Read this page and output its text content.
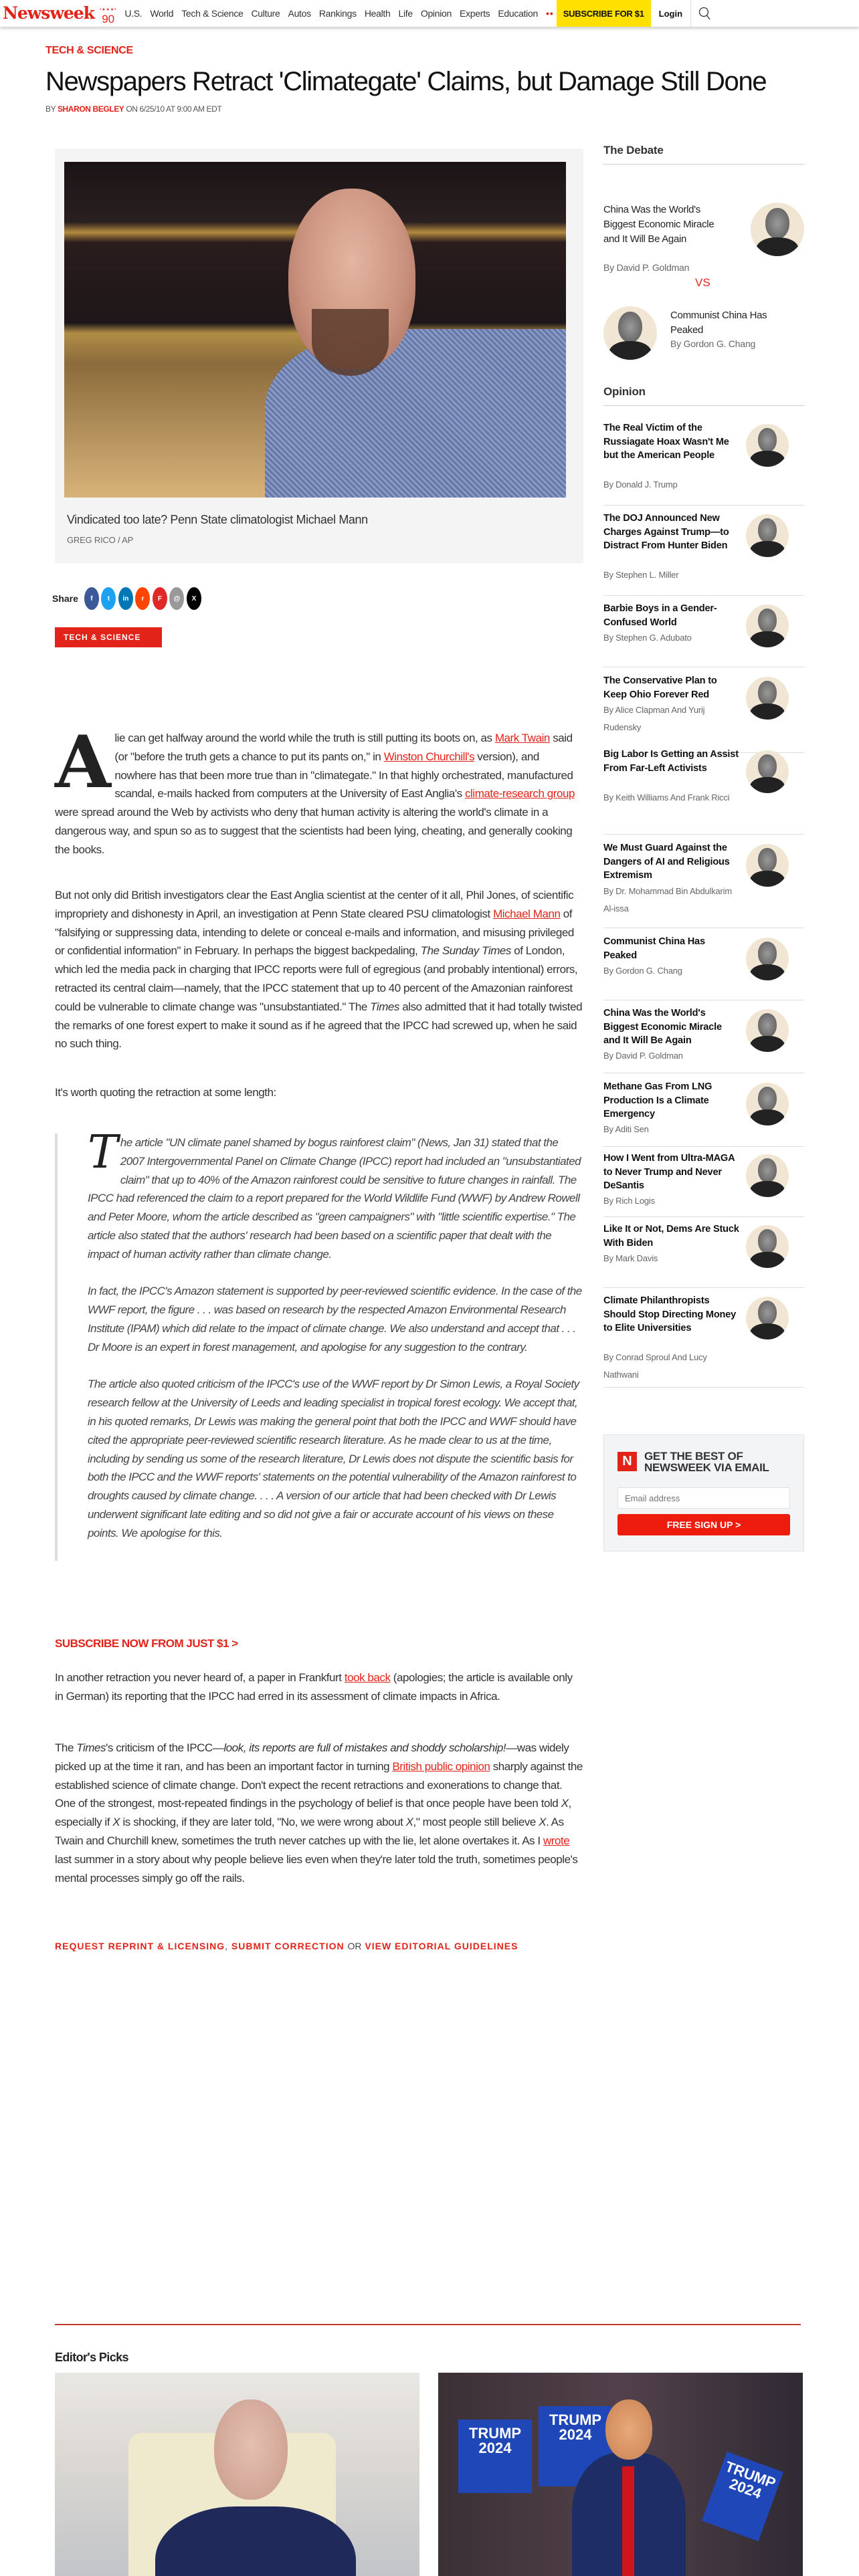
Newsweek •★★★•
90 U.S. World Tech & Science Culture Autos Rankings Health Life Opinion Experts Education ••	SUBSCRIBE FOR $1	Login
TECH & SCIENCE
Newspapers Retract 'Climategate' Claims, but Damage Still Done
BY SHARON BEGLEY ON 6/25/10 AT 9:00 AM EDT
Vindicated too late? Penn State climatologist Michael Mann
GREG RICO / AP
Share	f	t	in	r	F	@	X
TECH & SCIENCE
Alie can get halfway around the world while the truth is still putting its boots on, as Mark Twain said (or "before the truth gets a chance to put its pants on," in Winston Churchill's version), and nowhere has that been more true than in "climategate." In that highly orchestrated, manufactured scandal, e-mails hacked from computers at the University of East Anglia's climate-research group were spread around the Web by activists who deny that human activity is altering the world's climate in a dangerous way, and spun so as to suggest that the scientists had been lying, cheating, and generally cooking the books.
But not only did British investigators clear the East Anglia scientist at the center of it all, Phil Jones, of scientific impropriety and dishonesty in April, an investigation at Penn State cleared PSU climatologist Michael Mann of "falsifying or suppressing data, intending to delete or conceal e-mails and information, and misusing privileged or confidential information" in February. In perhaps the biggest backpedaling, The Sunday Times of London, which led the media pack in charging that IPCC reports were full of egregious (and probably intentional) errors, retracted its central claim—namely, that the IPCC statement that up to 40 percent of the Amazonian rainforest could be vulnerable to climate change was "unsubstantiated." The Times also admitted that it had totally twisted the remarks of one forest expert to make it sound as if he agreed that the IPCC had screwed up, when he said no such thing.
It's worth quoting the retraction at some length:

The article "UN climate panel shamed by bogus rainforest claim" (News, Jan 31) stated that the 2007 Intergovernmental Panel on Climate Change (IPCC) report had included an "unsubstantiated claim" that up to 40% of the Amazon rainforest could be sensitive to future changes in rainfall. The IPCC had referenced the claim to a report prepared for the World Wildlife Fund (WWF) by Andrew Rowell and Peter Moore, whom the article described as "green campaigners" with "little scientific expertise." The article also stated that the authors' research had been based on a scientific paper that dealt with the impact of human activity rather than climate change.

In fact, the IPCC's Amazon statement is supported by peer-reviewed scientific evidence. In the case of the WWF report, the figure . . . was based on research by the respected Amazon Environmental Research Institute (IPAM) which did relate to the impact of climate change. We also understand and accept that . . . Dr Moore is an expert in forest management, and apologise for any suggestion to the contrary.

The article also quoted criticism of the IPCC's use of the WWF report by Dr Simon Lewis, a Royal Society research fellow at the University of Leeds and leading specialist in tropical forest ecology. We accept that, in his quoted remarks, Dr Lewis was making the general point that both the IPCC and WWF should have cited the appropriate peer-reviewed scientific research literature. As he made clear to us at the time, including by sending us some of the research literature, Dr Lewis does not dispute the scientific basis for both the IPCC and the WWF reports' statements on the potential vulnerability of the Amazon rainforest to droughts caused by climate change. . . . A version of our article that had been checked with Dr Lewis underwent significant late editing and so did not give a fair or accurate account of his views on these points. We apologise for this.

SUBSCRIBE NOW FROM JUST $1 >
In another retraction you never heard of, a paper in Frankfurt took back (apologies; the article is available only in German) its reporting that the IPCC had erred in its assessment of climate impacts in Africa.
The Times's criticism of the IPCC—look, its reports are full of mistakes and shoddy scholarship!—was widely picked up at the time it ran, and has been an important factor in turning British public opinion sharply against the established science of climate change. Don't expect the recent retractions and exonerations to change that. One of the strongest, most-repeated findings in the psychology of belief is that once people have been told X, especially if X is shocking, if they are later told, "No, we were wrong about X," most people still believe X. As Twain and Churchill knew, sometimes the truth never catches up with the lie, let alone overtakes it. As I wrote last summer in a story about why people believe lies even when they're later told the truth, sometimes people's mental processes simply go off the rails.
REQUEST REPRINT & LICENSING, SUBMIT CORRECTION OR VIEW EDITORIAL GUIDELINES
Editor's Picks
TRUMP 2024
TRUMP 2024
TRUMP 2024
The Debate
China Was the World's Biggest Economic Miracle and It Will Be Again
By David P. Goldman
VS
Communist China Has Peaked
By Gordon G. Chang
Opinion
The Real Victim of the Russiagate Hoax Wasn't Me but the American People
By Donald J. Trump
The DOJ Announced New Charges Against Trump—to Distract From Hunter Biden
By Stephen L. Miller
Barbie Boys in a Gender-Confused World
By Stephen G. Adubato
The Conservative Plan to Keep Ohio Forever Red
By Alice Clapman And Yurij Rudensky
Big Labor Is Getting an Assist From Far-Left Activists
By Keith Williams And Frank Ricci
We Must Guard Against the Dangers of AI and Religious Extremism
By Dr. Mohammad Bin Abdulkarim Al-issa
Communist China Has Peaked
By Gordon G. Chang
China Was the World's Biggest Economic Miracle and It Will Be Again
By David P. Goldman
Methane Gas From LNG Production Is a Climate Emergency
By Aditi Sen
How I Went from Ultra-MAGA to Never Trump and Never DeSantis
By Rich Logis
Like It or Not, Dems Are Stuck With Biden
By Mark Davis
Climate Philanthropists Should Stop Directing Money to Elite Universities
By Conrad Sproul And Lucy Nathwani
N	GET THE BEST OF NEWSWEEK VIA EMAIL
Email address
FREE SIGN UP >
